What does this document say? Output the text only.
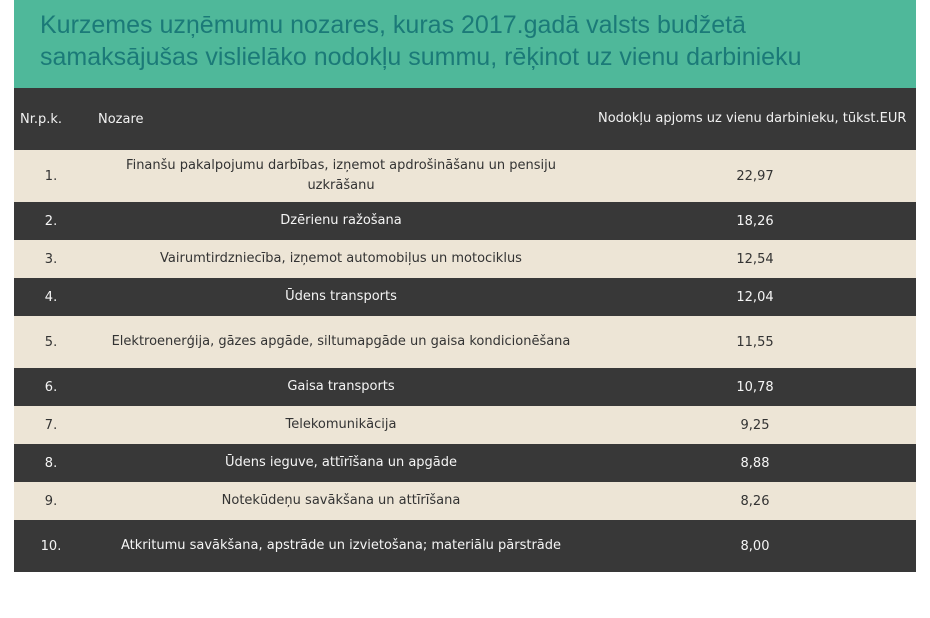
Kurzemes uzņēmumu nozares, kuras 2017.gadā valsts budžetā
samaksājušas vislielāko nodokļu summu, rēķinot uz vienu darbinieku
Nr.p.k.	Nozare	Nodokļu apjoms uz vienu darbinieku, tūkst.EUR
1.	Finanšu pakalpojumu darbības, izņemot apdrošināšanu un pensiju uzkrāšanu	22,97
2.	Dzērienu ražošana	18,26
3.	Vairumtirdzniecība, izņemot automobiļus un motociklus	12,54
4.	Ūdens transports	12,04
5.	Elektroenerģija, gāzes apgāde, siltumapgāde un gaisa kondicionēšana	11,55
6.	Gaisa transports	10,78
7.	Telekomunikācija	9,25
8.	Ūdens ieguve, attīrīšana un apgāde	8,88
9.	Notekūdeņu savākšana un attīrīšana	8,26
10.	Atkritumu savākšana, apstrāde un izvietošana; materiālu pārstrāde	8,00
